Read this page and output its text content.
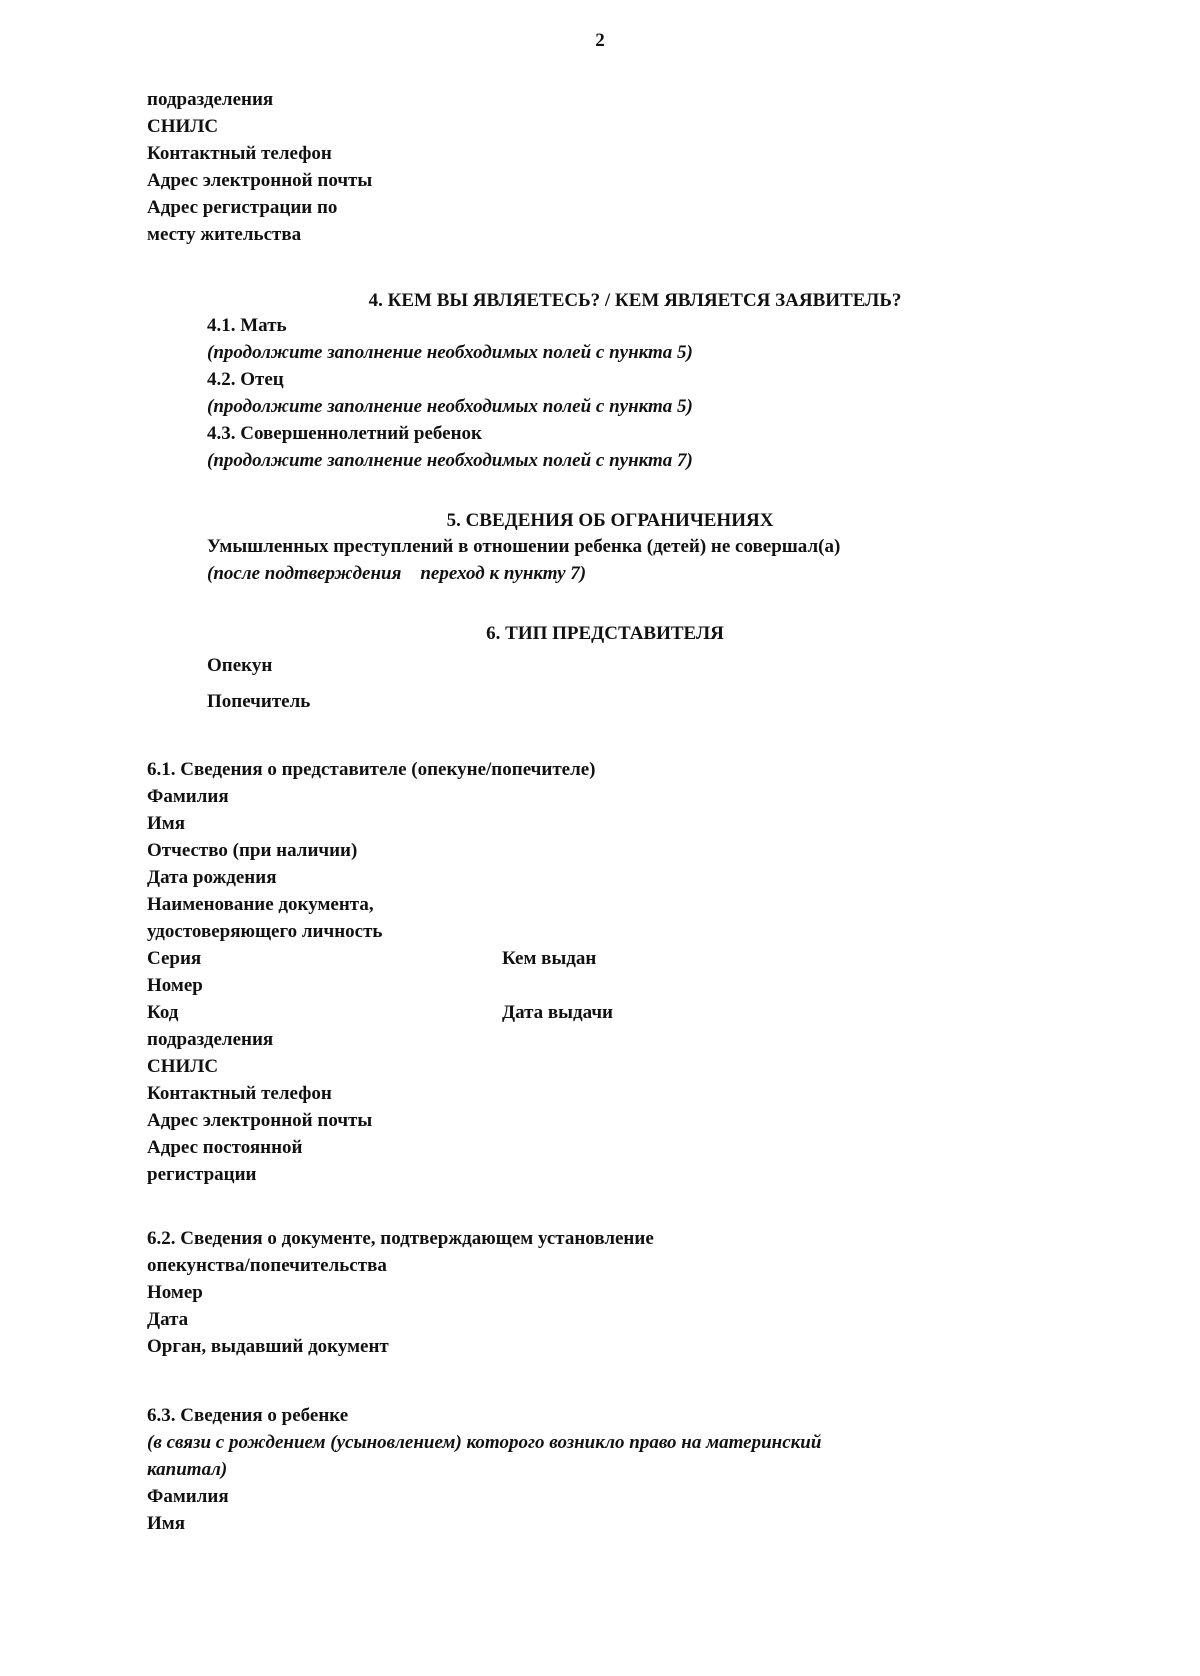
2
подразделения
СНИЛС
Контактный телефон
Адрес электронной почты
Адрес регистрации по
месту жительства
4. КЕМ ВЫ ЯВЛЯЕТЕСЬ? / КЕМ ЯВЛЯЕТСЯ ЗАЯВИТЕЛЬ?
4.1. Мать
(продолжите заполнение необходимых полей с пункта 5)
4.2. Отец
(продолжите заполнение необходимых полей с пункта 5)
4.3. Совершеннолетний ребенок
(продолжите заполнение необходимых полей с пункта 7)
5. СВЕДЕНИЯ ОБ ОГРАНИЧЕНИЯХ
Умышленных преступлений в отношении ребенка (детей) не совершал(а)
(после подтверждения    переход к пункту 7)
6. ТИП ПРЕДСТАВИТЕЛЯ
Опекун
Попечитель
6.1. Сведения о представителе (опекуне/попечителе)
Фамилия
Имя
Отчество (при наличии)
Дата рождения
Наименование документа,
удостоверяющего личность
Серия	Кем выдан
Номер
Код	Дата выдачи
подразделения
СНИЛС
Контактный телефон
Адрес электронной почты
Адрес постоянной
регистрации
6.2. Сведения о документе, подтверждающем установление
опекунства/попечительства
Номер
Дата
Орган, выдавший документ
6.3. Сведения о ребенке
(в связи с рождением (усыновлением) которого возникло право на материнский
капитал)
Фамилия
Имя
